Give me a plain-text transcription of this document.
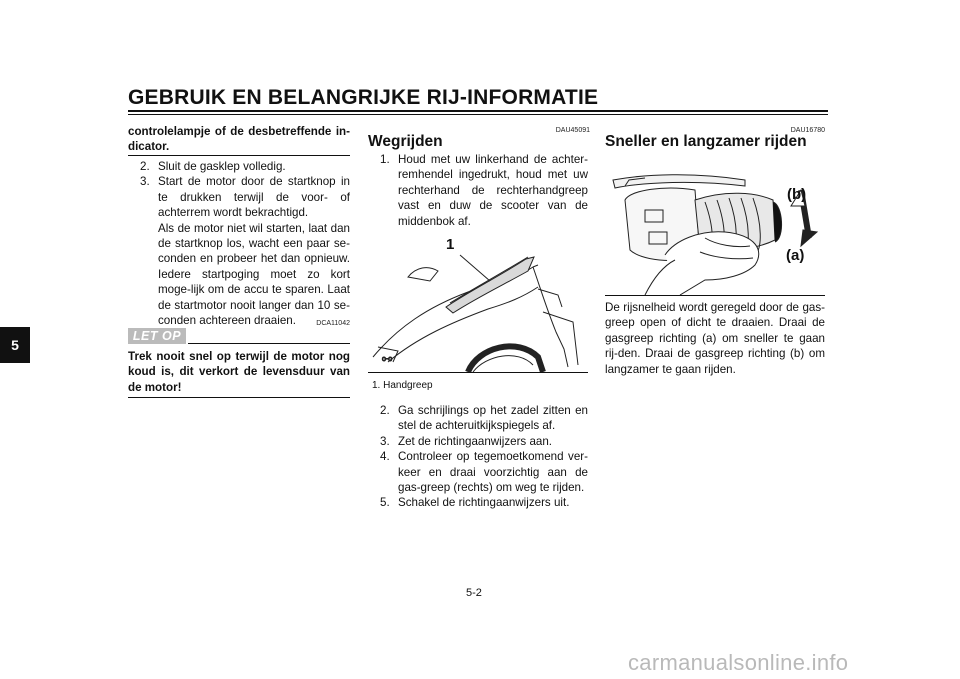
GEBRUIK EN BELANGRIJKE RIJ-INFORMATIE
5
controlelampje of de desbetreffende in-dicator.
2. Sluit de gasklep volledig.
3. Start de motor door de startknop in te drukken terwijl de voor- of achterrem wordt bekrachtigd.
Als de motor niet wil starten, laat dan de startknop los, wacht een paar se-conden en probeer het dan opnieuw. Iedere startpoging moet zo kort moge-lijk om de accu te sparen. Laat de startmotor nooit langer dan 10 se-conden achtereen draaien.	DCA11042
LET OP
Trek nooit snel op terwijl de motor nog koud is, dit verkort de levensduur van de motor!
DAU45091
Wegrijden
1. Houd met uw linkerhand de achter-remhendel ingedrukt, houd met uw rechterhand de rechterhandgreep vast en duw de scooter van de middenbok af.
o-o
1
1. Handgreep
2. Ga schrijlings op het zadel zitten en stel de achteruitkijkspiegels af.
3. Zet de richtingaanwijzers aan.
4. Controleer op tegemoetkomend ver-keer en draai voorzichtig aan de gas-greep (rechts) om weg te rijden.
5. Schakel de richtingaanwijzers uit.
DAU16780
Sneller en langzamer rijden
(b)
(a)
De rijsnelheid wordt geregeld door de gas-greep open of dicht te draaien. Draai de gasgreep richting (a) om sneller te gaan rij-den. Draai de gasgreep richting (b) om langzamer te gaan rijden.
5-2
carmanualsonline.info
